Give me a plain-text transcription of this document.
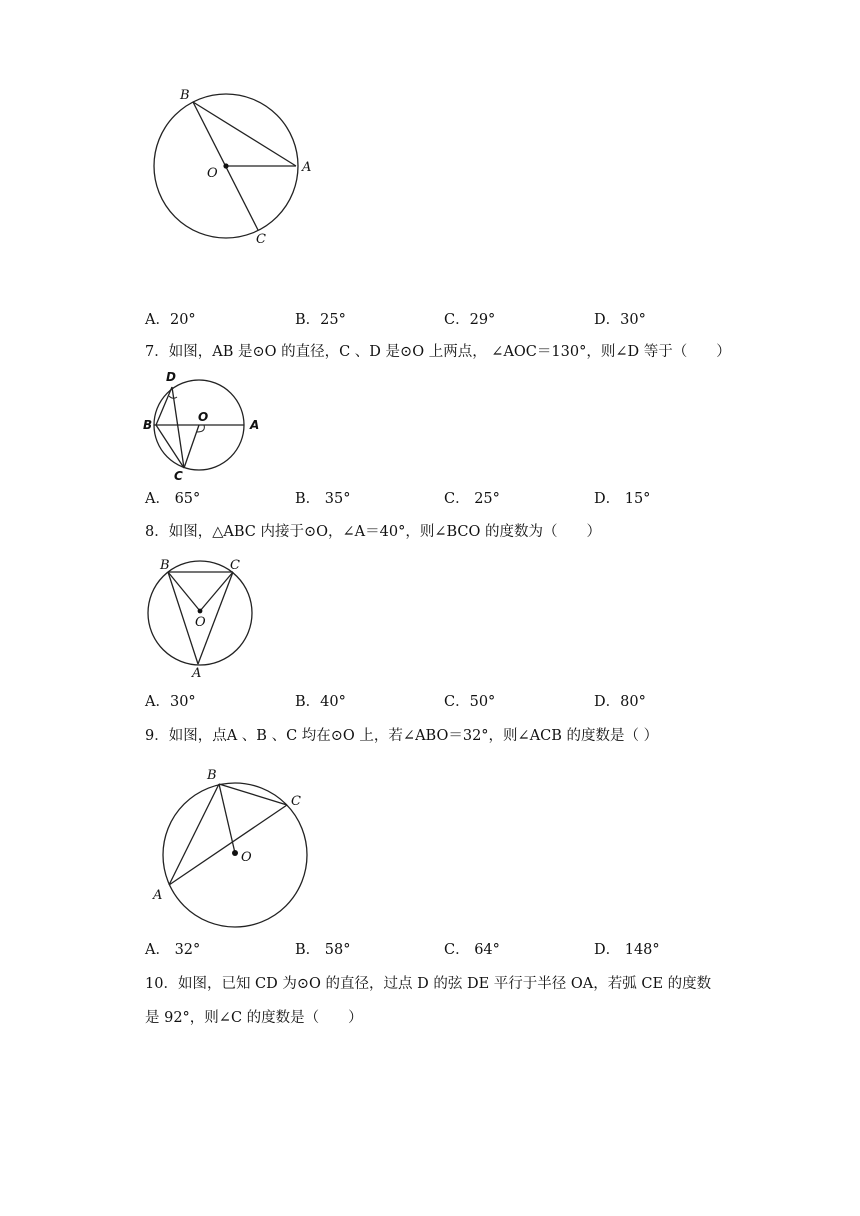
B
O	A
C
A．20°	B．25°	C．29°	D．30°
7．如图，AB 是⊙O 的直径，C 、D 是⊙O 上两点， ∠AOC＝130°，则∠D 等于（　　）
D
B
O
A
C
A． 65°	B． 35°	C． 25°	D． 15°
8．如图，△ABC 内接于⊙O，∠A＝40°，则∠BCO 的度数为（　　）
B	C
O
A
A．30°	B．40°	C．50°	D．80°
9．如图，点A 、B 、C 均在⊙O 上，若∠ABO＝32°，则∠ACB 的度数是（ ）
B
C
O
A
A． 32°	B． 58°	C． 64°	D． 148°
10．如图，已知 CD 为⊙O 的直径，过点 D 的弦 DE 平行于半径 OA，若弧 CE 的度数
是 92°，则∠C 的度数是（　　）
